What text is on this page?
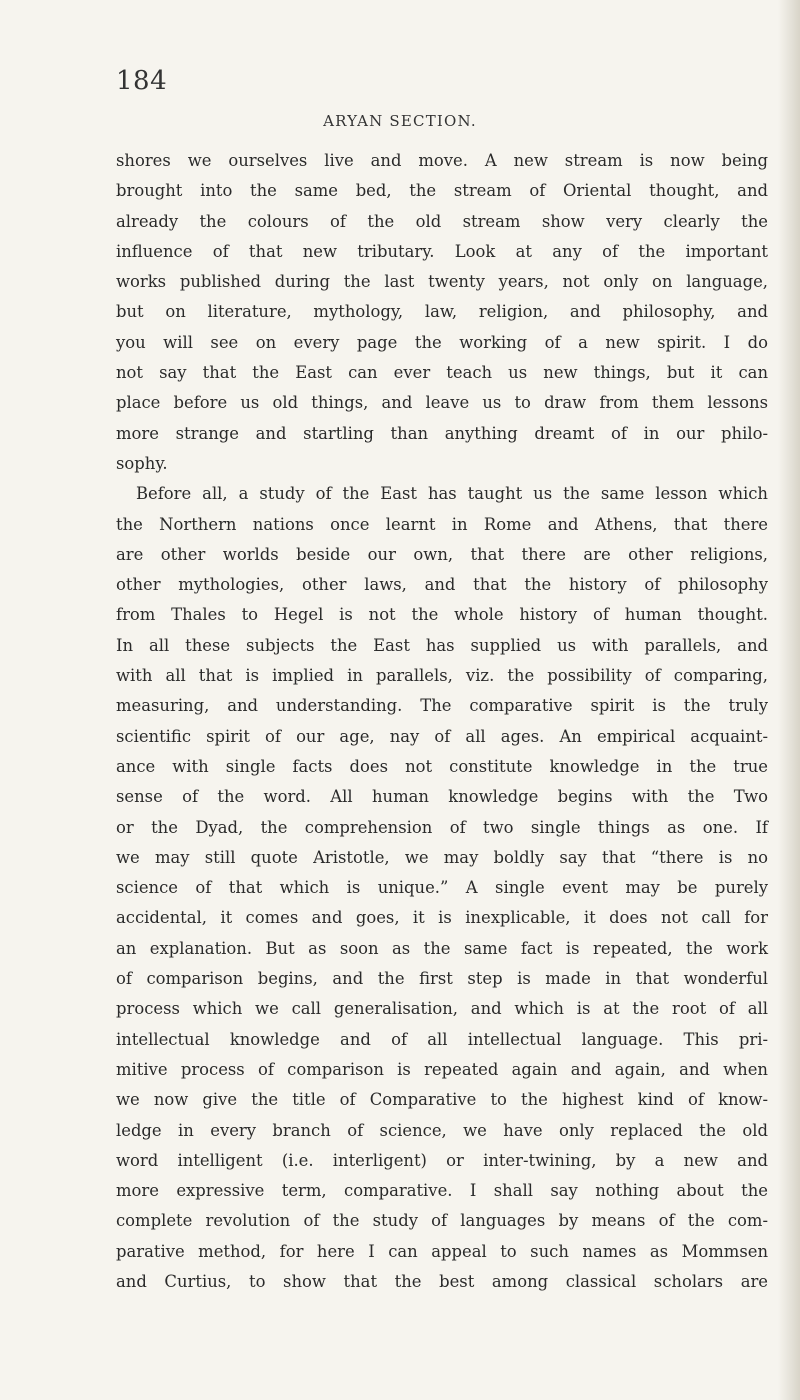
184
ARYAN SECTION.
shores we ourselves live and move. A new stream is now being
brought into the same bed, the stream of Oriental thought, and
already the colours of the old stream show very clearly the
influence of that new tributary. Look at any of the important
works published during the last twenty years, not only on language,
but on literature, mythology, law, religion, and philosophy, and
you will see on every page the working of a new spirit. I do
not say that the East can ever teach us new things, but it can
place before us old things, and leave us to draw from them lessons
more strange and startling than anything dreamt of in our philo-
sophy.
Before all, a study of the East has taught us the same lesson which
the Northern nations once learnt in Rome and Athens, that there
are other worlds beside our own, that there are other religions,
other mythologies, other laws, and that the history of philosophy
from Thales to Hegel is not the whole history of human thought.
In all these subjects the East has supplied us with parallels, and
with all that is implied in parallels, viz. the possibility of comparing,
measuring, and understanding. The comparative spirit is the truly
scientific spirit of our age, nay of all ages. An empirical acquaint-
ance with single facts does not constitute knowledge in the true
sense of the word. All human knowledge begins with the Two
or the Dyad, the comprehension of two single things as one. If
we may still quote Aristotle, we may boldly say that “there is no
science of that which is unique.” A single event may be purely
accidental, it comes and goes, it is inexplicable, it does not call for
an explanation. But as soon as the same fact is repeated, the work
of comparison begins, and the first step is made in that wonderful
process which we call generalisation, and which is at the root of all
intellectual knowledge and of all intellectual language. This pri-
mitive process of comparison is repeated again and again, and when
we now give the title of Comparative to the highest kind of know-
ledge in every branch of science, we have only replaced the old
word intelligent (i.e. interligent) or inter-twining, by a new and
more expressive term, comparative. I shall say nothing about the
complete revolution of the study of languages by means of the com-
parative method, for here I can appeal to such names as Mommsen
and Curtius, to show that the best among classical scholars are
